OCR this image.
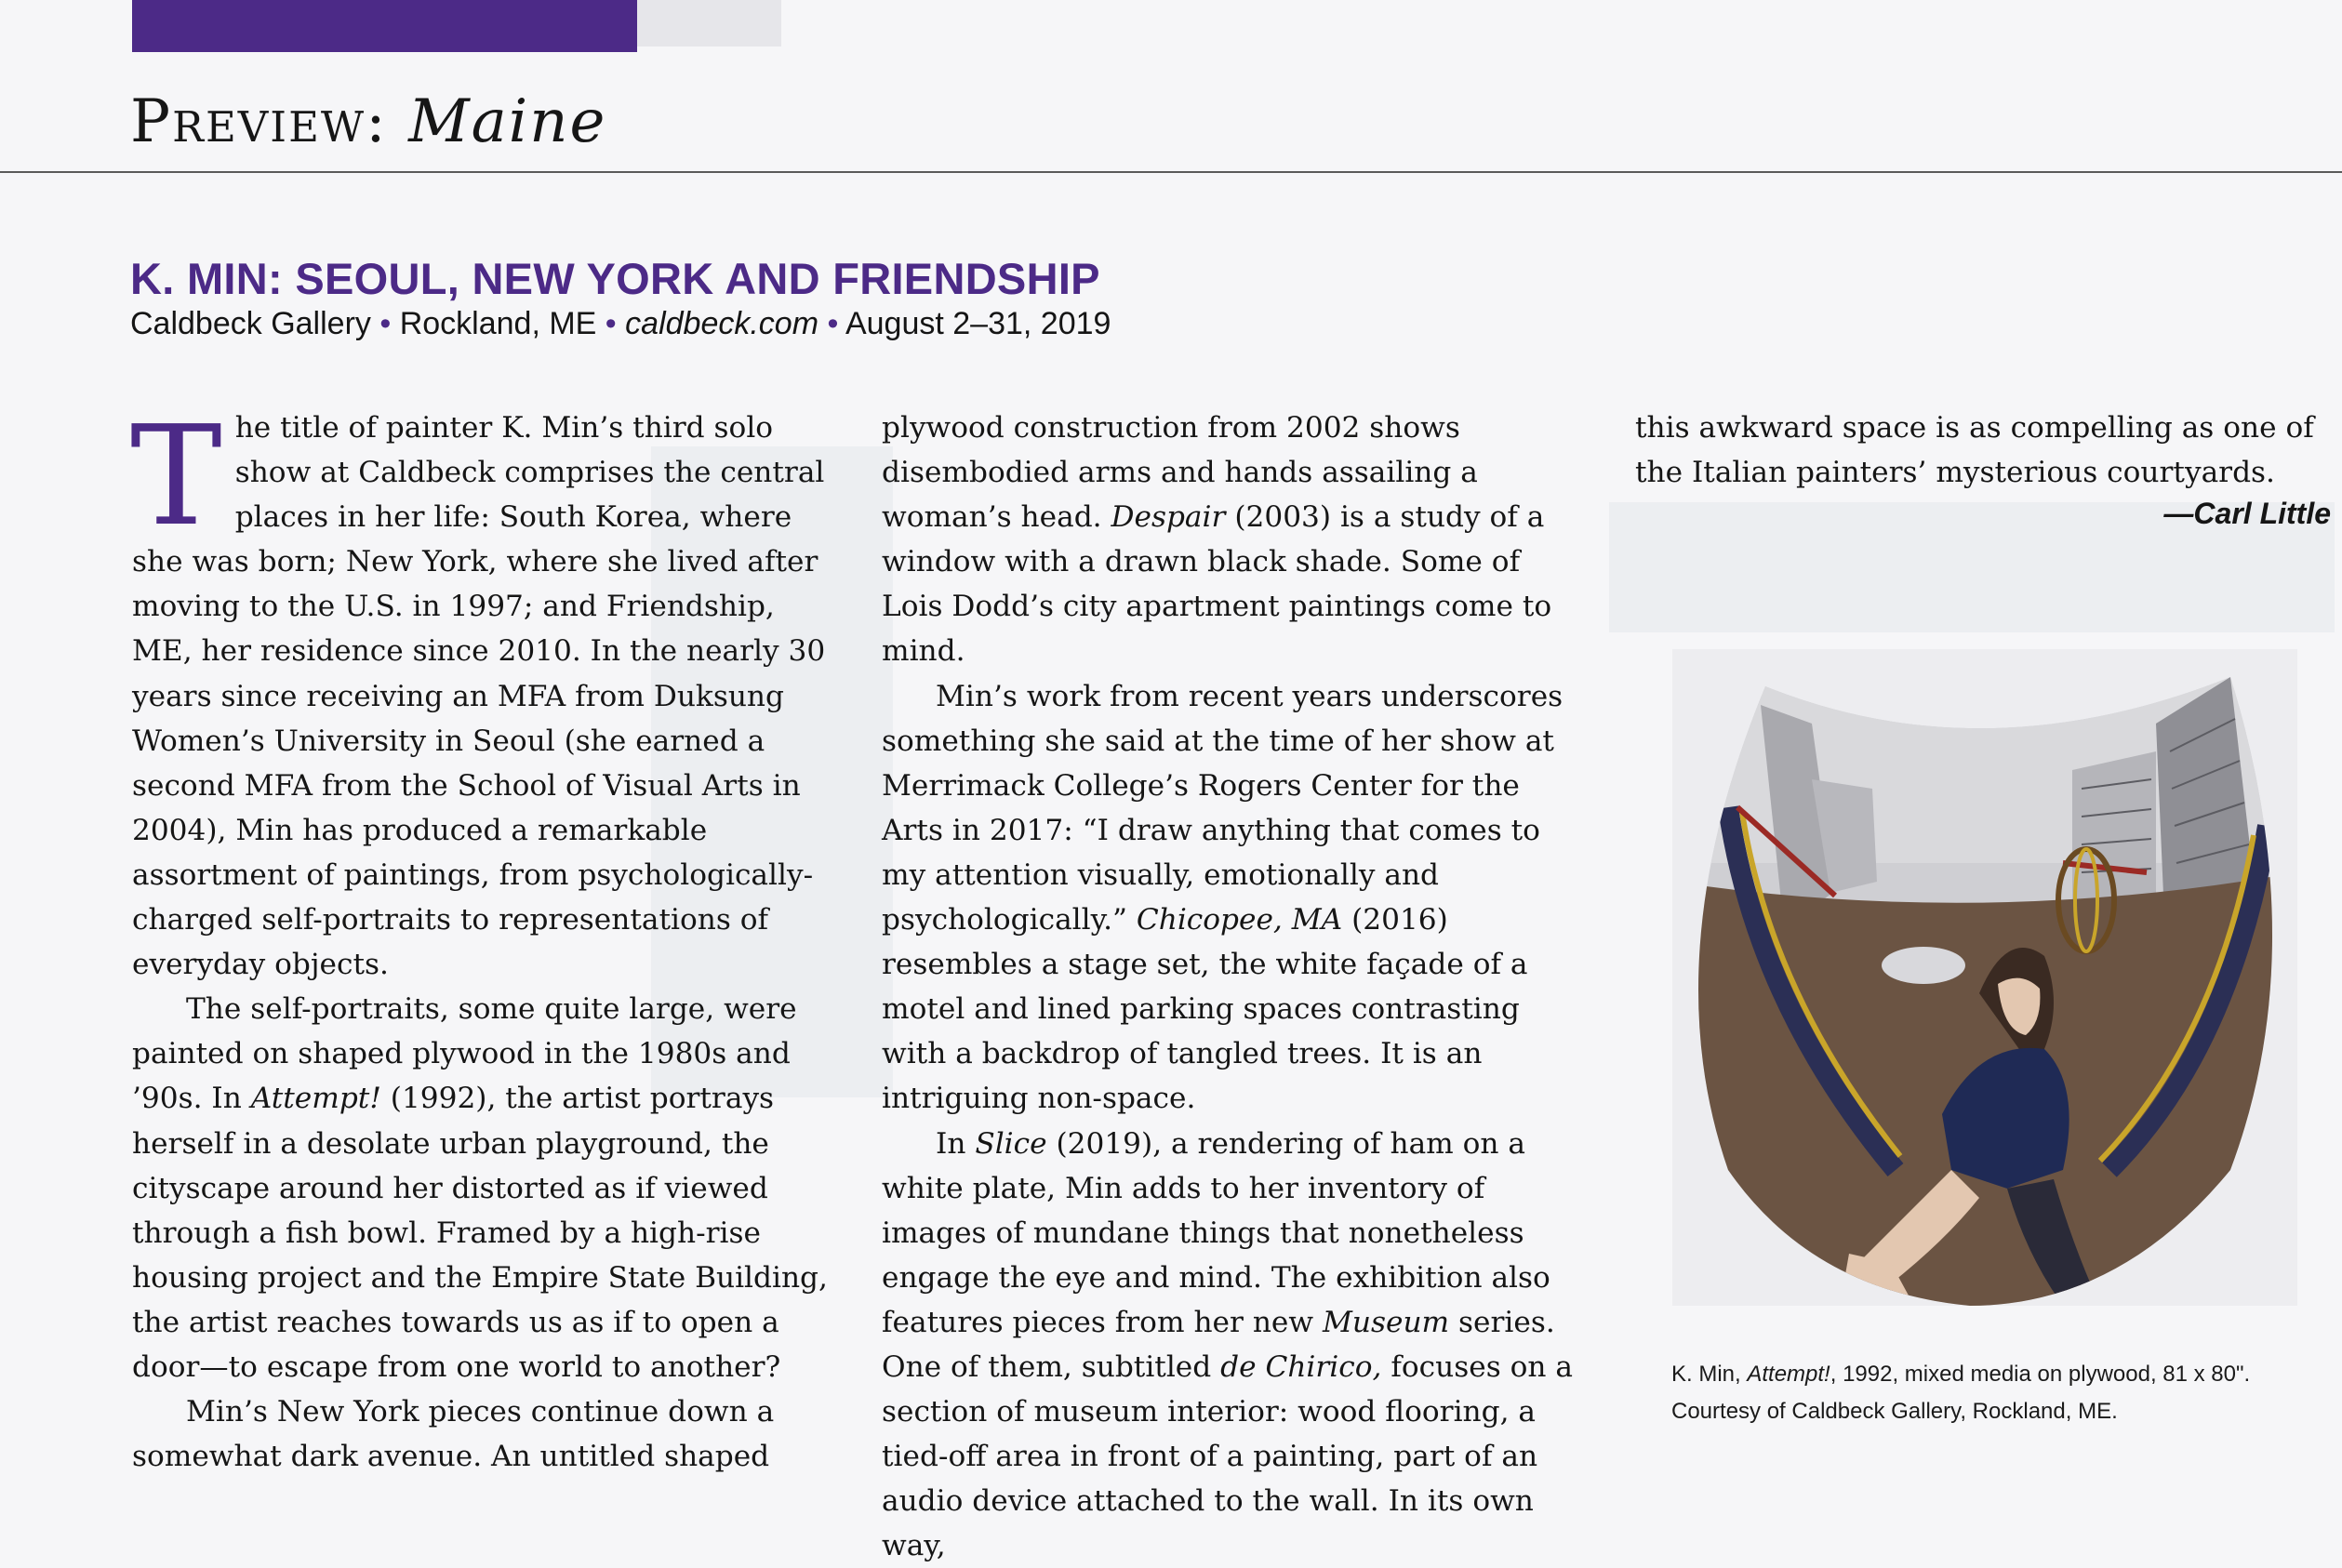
Preview: Maine
K. MIN: SEOUL, NEW YORK AND FRIENDSHIP
Caldbeck Gallery • Rockland, ME • caldbeck.com • August 2–31, 2019

The title of painter K. Min’s third solo show at Caldbeck comprises the central places in her life: South Korea, where she was born; New York, where she lived after moving to the U.S. in 1997; and Friendship, ME, her residence since 2010. In the nearly 30 years since receiving an MFA from Duksung Women’s University in Seoul (she earned a second MFA from the School of Visual Arts in 2004), Min has produced a remarkable assortment of paintings, from psychologically-charged self-portraits to representations of everyday objects.

The self-portraits, some quite large, were painted on shaped plywood in the 1980s and ’90s. In Attempt! (1992), the artist portrays herself in a desolate urban playground, the cityscape around her distorted as if viewed through a fish bowl. Framed by a high-rise housing project and the Empire State Building, the artist reaches towards us as if to open a door—to escape from one world to another?

Min’s New York pieces continue down a somewhat dark avenue. An untitled shaped

plywood construction from 2002 shows disembodied arms and hands assailing a woman’s head. Despair (2003) is a study of a window with a drawn black shade. Some of Lois Dodd’s city apartment paintings come to mind.

Min’s work from recent years underscores something she said at the time of her show at Merrimack College’s Rogers Center for the Arts in 2017: “I draw anything that comes to my attention visually, emotionally and psychologically.” Chicopee, MA (2016) resembles a stage set, the white façade of a motel and lined parking spaces contrasting with a backdrop of tangled trees. It is an intriguing non-space.

In Slice (2019), a rendering of ham on a white plate, Min adds to her inventory of images of mundane things that nonetheless engage the eye and mind. The exhibition also features pieces from her new Museum series. One of them, subtitled de Chirico, focuses on a section of museum interior: wood flooring, a tied-off area in front of a painting, part of an audio device attached to the wall. In its own way,

this awkward space is as compelling as one of the Italian painters’ mysterious courtyards.

—Carl Little
K. Min, Attempt!, 1992, mixed media on plywood, 81 x 80".
Courtesy of Caldbeck Gallery, Rockland, ME.
